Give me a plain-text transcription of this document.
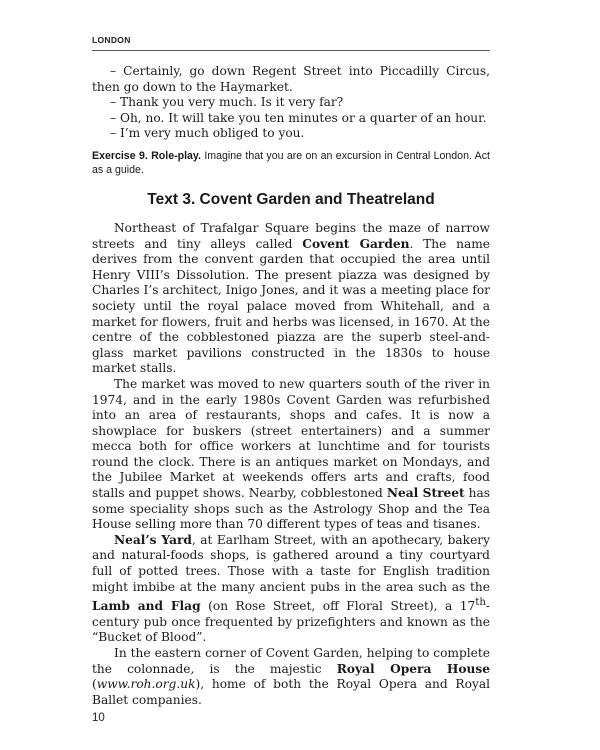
LONDON

– Certainly, go down Regent Street into Piccadilly Circus, then go down to the Haymarket.

– Thank you very much. Is it very far?

– Oh, no. It will take you ten minutes or a quarter of an hour.

– I’m very much obliged to you.

Exercise 9. Role-play. Imagine that you are on an excursion in Central London. Act as a guide.

Text 3. Covent Garden and Theatreland

Northeast of Trafalgar Square begins the maze of narrow streets and tiny alleys called Covent Garden. The name derives from the convent garden that occupied the area until Henry VIII’s Dissolution. The present piazza was designed by Charles I’s architect, Inigo Jones, and it was a meeting place for society until the royal palace moved from Whitehall, and a market for flowers, fruit and herbs was licensed, in 1670. At the centre of the cobblestoned piazza are the superb steel-and-glass market pavilions constructed in the 1830s to house market stalls.

The market was moved to new quarters south of the river in 1974, and in the early 1980s Covent Garden was refurbished into an area of restaurants, shops and cafes. It is now a showplace for buskers (street entertainers) and a summer mecca both for office workers at lunchtime and for tourists round the clock. There is an antiques market on Mondays, and the Jubilee Market at weekends offers arts and crafts, food stalls and puppet shows. Nearby, cobblestoned Neal Street has some speciality shops such as the Astrology Shop and the Tea House selling more than 70 different types of teas and tisanes.

Neal’s Yard, at Earlham Street, with an apothecary, bakery and natural-foods shops, is gathered around a tiny courtyard full of potted trees. Those with a taste for English tradition might imbibe at the many ancient pubs in the area such as the Lamb and Flag (on Rose Street, off Floral Street), a 17th-century pub once frequented by prizefighters and known as the “Bucket of Blood”.

In the eastern corner of Covent Garden, helping to complete the colonnade, is the majestic Royal Opera House (www.roh.org.uk), home of both the Royal Opera and Royal Ballet companies.

10
